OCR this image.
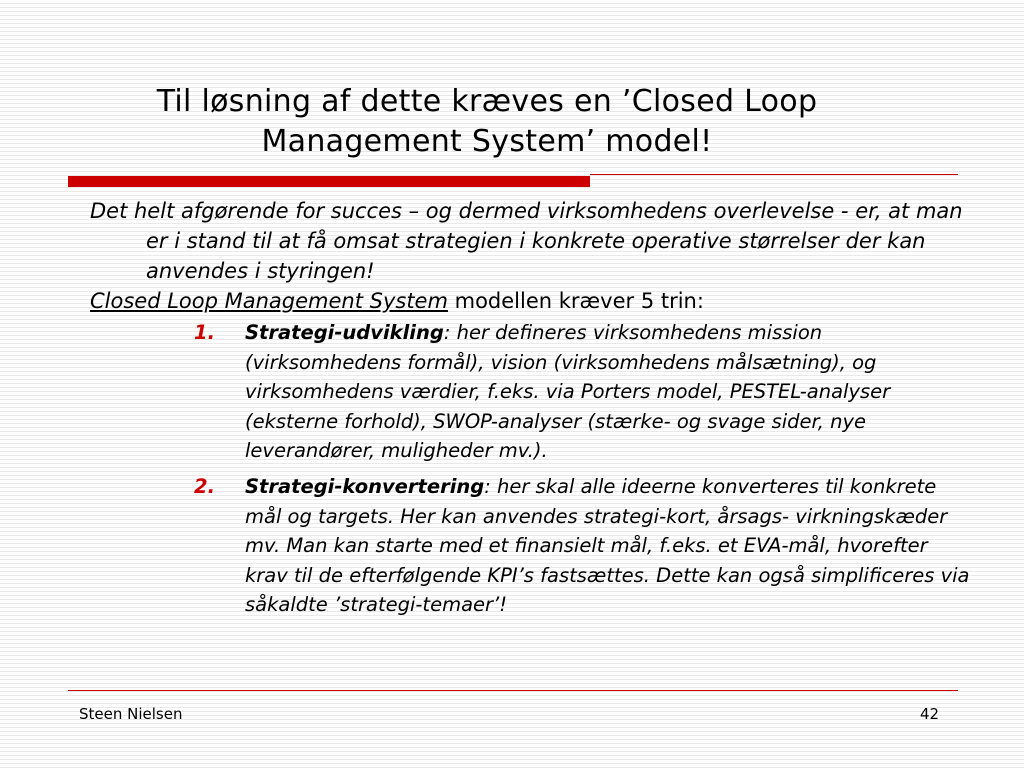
Til løsning af dette kræves en ’Closed Loop
Management System’ model!

Det helt afgørende for succes – og dermed virksomhedens overlevelse - er, at man er i stand til at få omsat strategien i konkrete operative størrelser der kan anvendes i styringen!

Closed Loop Management System modellen kræver 5 trin:

1. Strategi-udvikling: her defineres virksomhedens mission (virksomhedens formål), vision (virksomhedens målsætning), og virksomhedens værdier, f.eks. via Porters model, PESTEL-analyser (eksterne forhold), SWOP-analyser (stærke- og svage sider, nye leverandører, muligheder mv.).
2. Strategi-konvertering: her skal alle ideerne konverteres til konkrete mål og targets. Her kan anvendes strategi-kort, årsags- virkningskæder mv. Man kan starte med et finansielt mål, f.eks. et EVA-mål, hvorefter krav til de efterfølgende KPI’s fastsættes. Dette kan også simplificeres via såkaldte ’strategi-temaer’!
Steen Nielsen	42
